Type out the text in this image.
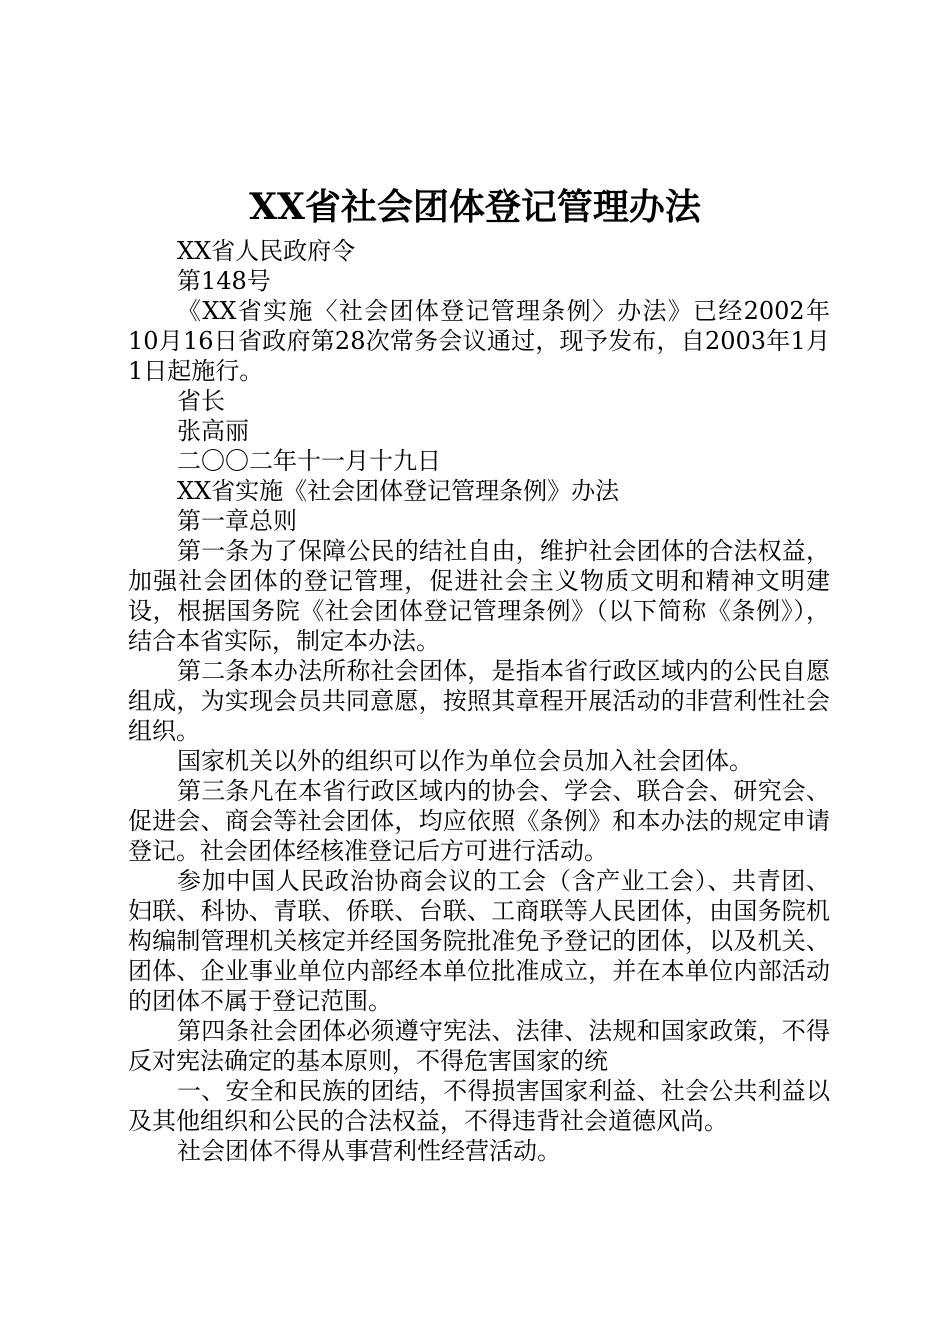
XX省社会团体登记管理办法

XX省人民政府令

第148号

《XX省实施〈社会团体登记管理条例〉办法》已经2002年10月16日省政府第28次常务会议通过，现予发布，自2003年1月1日起施行。

省长

张高丽

二〇〇二年十一月十九日

XX省实施《社会团体登记管理条例》办法

第一章总则

第一条为了保障公民的结社自由，维护社会团体的合法权益，加强社会团体的登记管理，促进社会主义物质文明和精神文明建设，根据国务院《社会团体登记管理条例》（以下简称《条例》），结合本省实际，制定本办法。

第二条本办法所称社会团体，是指本省行政区域内的公民自愿组成，为实现会员共同意愿，按照其章程开展活动的非营利性社会组织。

国家机关以外的组织可以作为单位会员加入社会团体。

第三条凡在本省行政区域内的协会、学会、联合会、研究会、促进会、商会等社会团体，均应依照《条例》和本办法的规定申请登记。社会团体经核准登记后方可进行活动。

参加中国人民政治协商会议的工会（含产业工会）、共青团、妇联、科协、青联、侨联、台联、工商联等人民团体，由国务院机构编制管理机关核定并经国务院批准免予登记的团体，以及机关、团体、企业事业单位内部经本单位批准成立，并在本单位内部活动的团体不属于登记范围。

第四条社会团体必须遵守宪法、法律、法规和国家政策，不得反对宪法确定的基本原则，不得危害国家的统

一、安全和民族的团结，不得损害国家利益、社会公共利益以及其他组织和公民的合法权益，不得违背社会道德风尚。

社会团体不得从事营利性经营活动。
